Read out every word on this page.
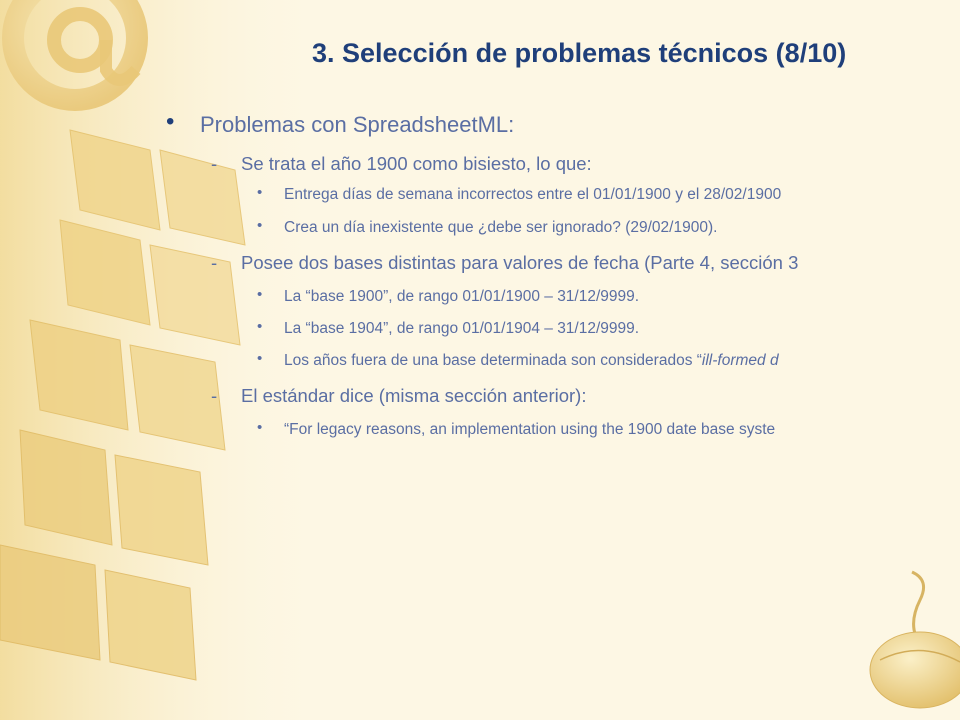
3. Selección de problemas técnicos (8/10)
• Problemas con SpreadsheetML:
- Se trata el año 1900 como bisiesto, lo que:
• Entrega días de semana incorrectos entre el 01/01/1900 y el 28/02/1900
• Crea un día inexistente que ¿debe ser ignorado? (29/02/1900).
- Posee dos bases distintas para valores de fecha (Parte 4, sección 3
• La “base 1900”, de rango 01/01/1900 – 31/12/9999.
• La “base 1904”, de rango 01/01/1904 – 31/12/9999.
• Los años fuera de una base determinada son considerados “ill-formed d
- El estándar dice (misma sección anterior):
• “For legacy reasons, an implementation using the 1900 date base syste
